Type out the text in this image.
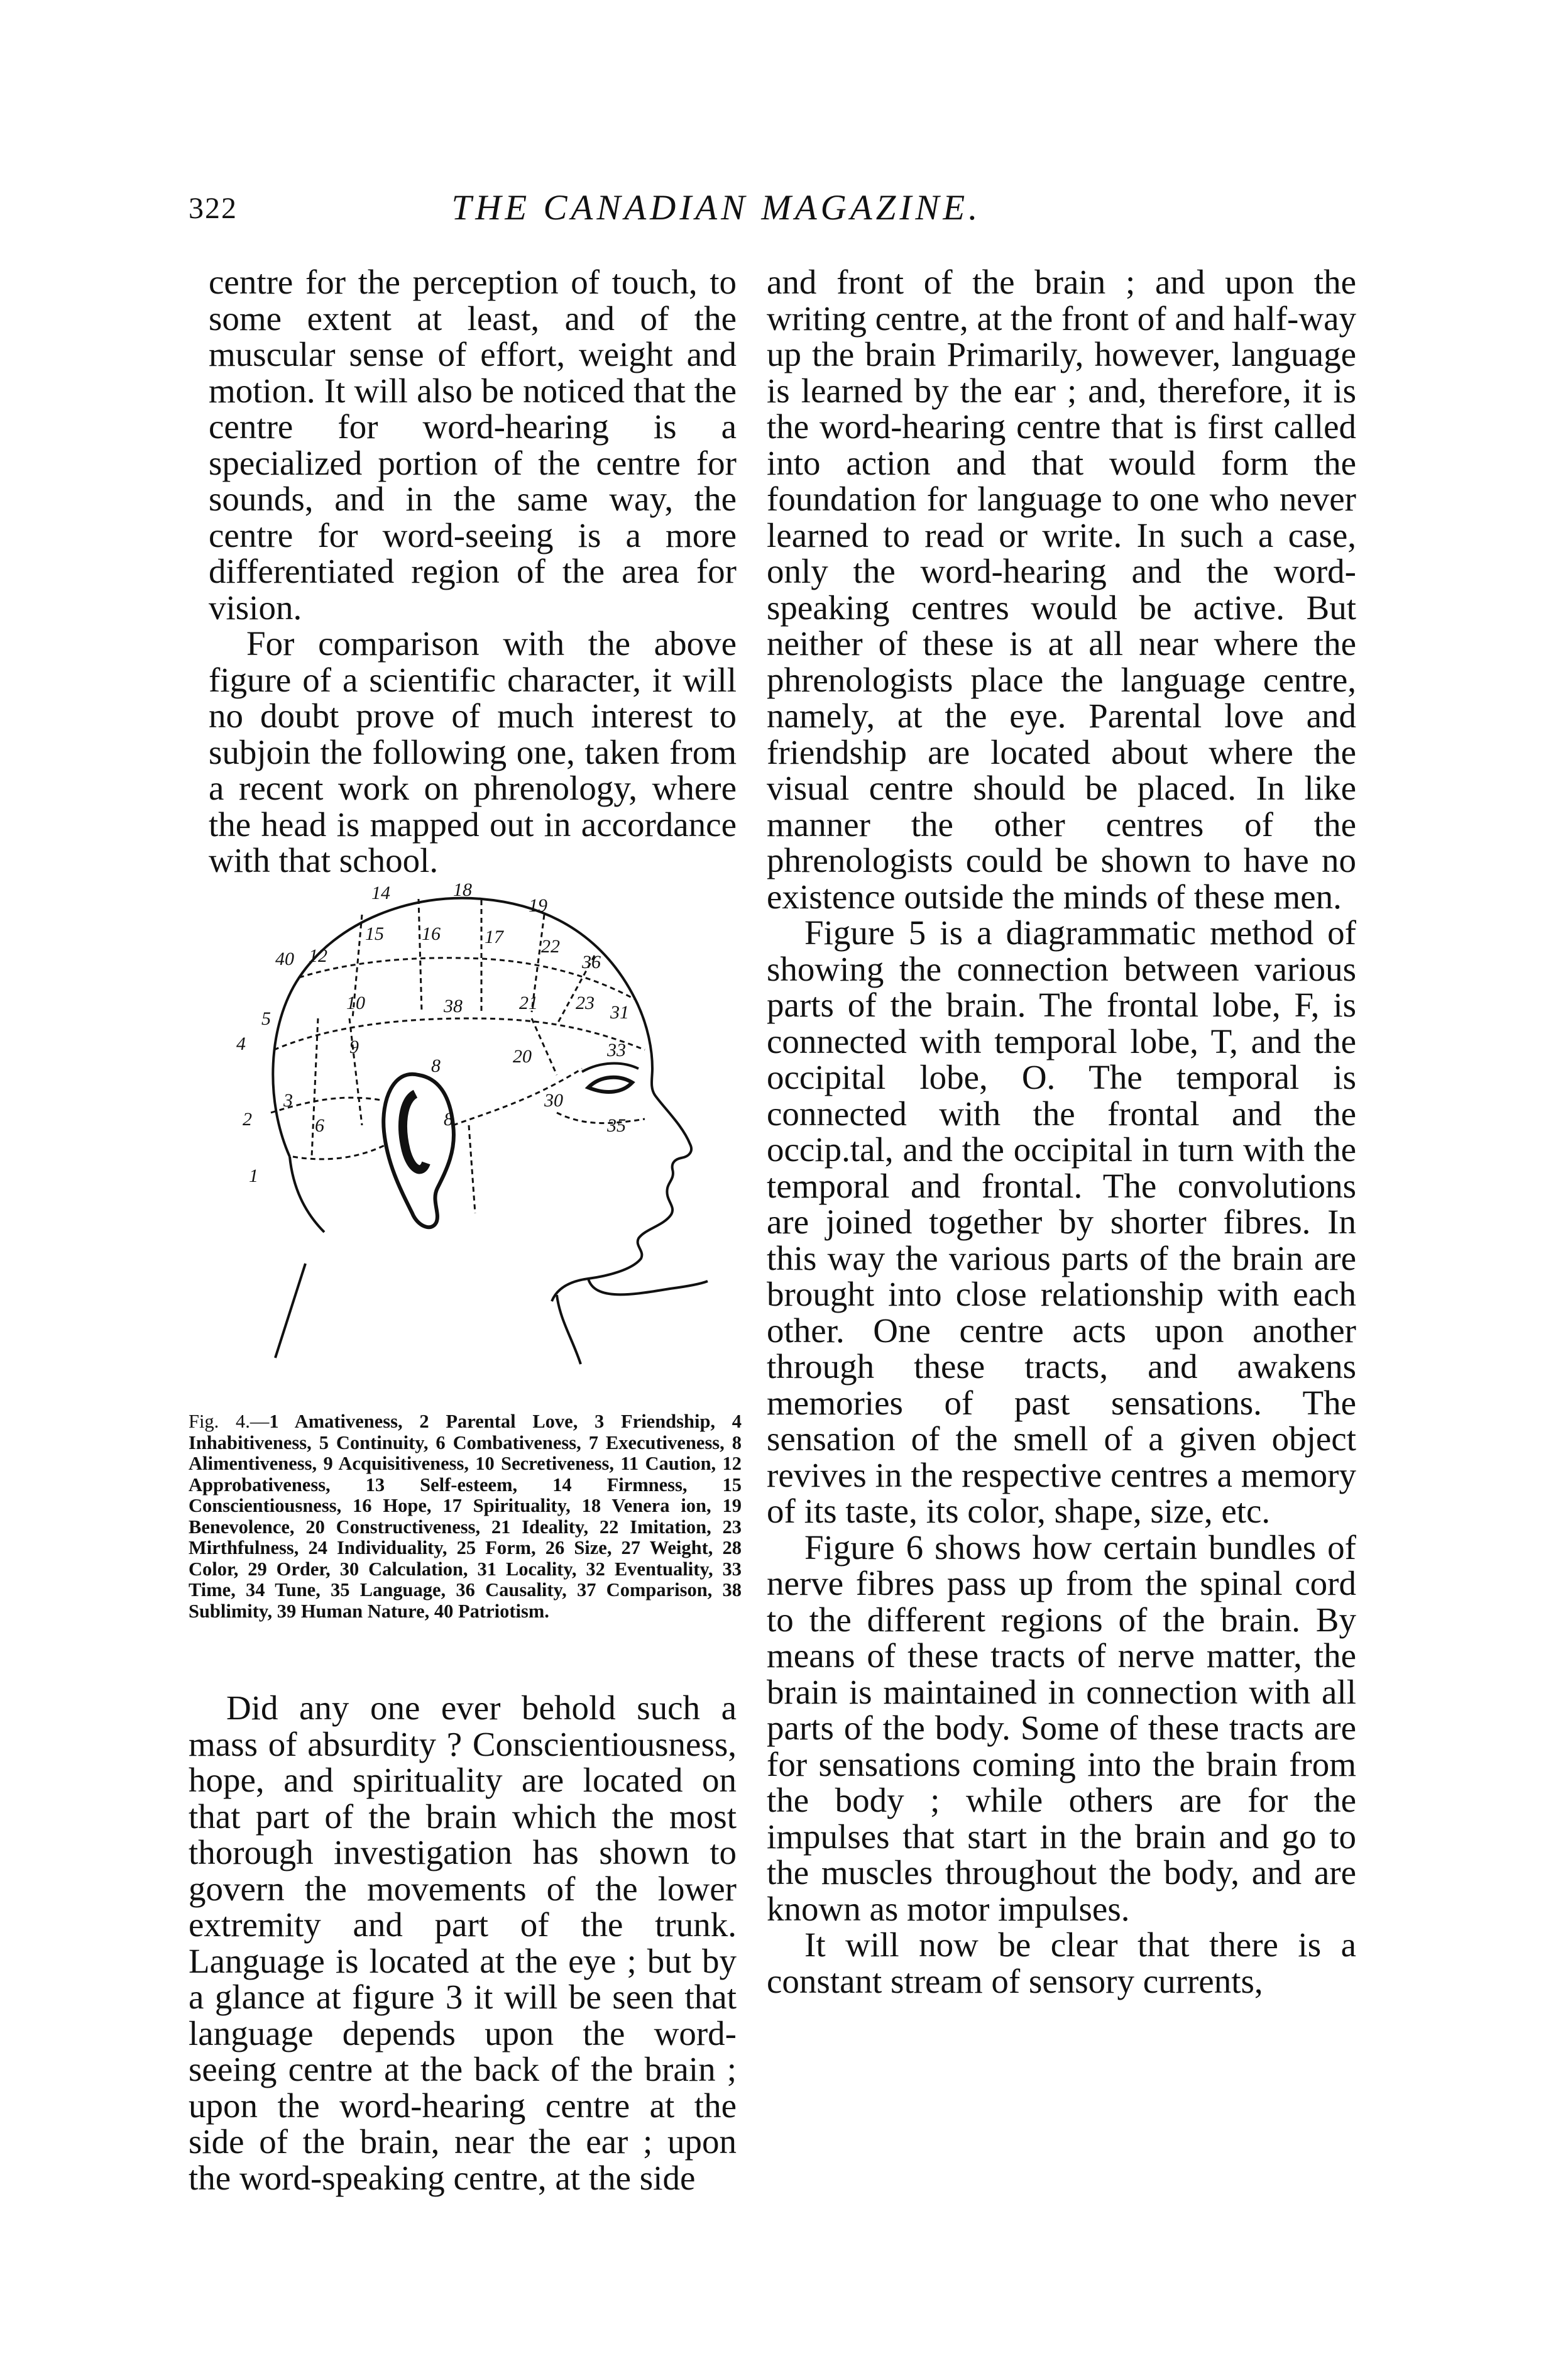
322	THE CANADIAN MAGAZINE.

centre for the perception of touch, to some extent at least, and of the muscular sense of effort, weight and motion. It will also be noticed that the centre for word-hearing is a specialized portion of the centre for sounds, and in the same way, the centre for word-seeing is a more differentiated region of the area for vision.

For comparison with the above figure of a scientific character, it will no doubt prove of much interest to subjoin the following one, taken from a recent work on phrenology, where the head is mapped out in accordance with that school.

14	18
19
15 16 17 22
12
40	36
10	38	21 23 31
5
4	9
8	20	33
3
2	6	8
30
35
1
Fig. 4.—1 Amativeness, 2 Parental Love, 3 Friendship, 4 Inhabitiveness, 5 Continuity, 6 Combativeness, 7 Executiveness, 8 Alimentiveness, 9 Acquisitiveness, 10 Secretiveness, 11 Caution, 12 Approbativeness, 13 Self-esteem, 14 Firmness, 15 Conscientiousness, 16 Hope, 17 Spirituality, 18 Venera ion, 19 Benevolence, 20 Constructiveness, 21 Ideality, 22 Imitation, 23 Mirthfulness, 24 Individuality, 25 Form, 26 Size, 27 Weight, 28 Color, 29 Order, 30 Calculation, 31 Locality, 32 Eventuality, 33 Time, 34 Tune, 35 Language, 36 Causality, 37 Comparison, 38 Sublimity, 39 Human Nature, 40 Patriotism.

Did any one ever behold such a mass of absurdity ? Conscientiousness, hope, and spirituality are located on that part of the brain which the most thorough investigation has shown to govern the movements of the lower extremity and part of the trunk. Language is located at the eye ; but by a glance at figure 3 it will be seen that language depends upon the word-seeing centre at the back of the brain ; upon the word-hearing centre at the side of the brain, near the ear ; upon the word-speaking centre, at the side

and front of the brain ; and upon the writing centre, at the front of and half-way up the brain Primarily, however, language is learned by the ear ; and, therefore, it is the word-hearing centre that is first called into action and that would form the foundation for language to one who never learned to read or write. In such a case, only the word-hearing and the word-speaking centres would be active. But neither of these is at all near where the phrenologists place the language centre, namely, at the eye. Parental love and friendship are located about where the visual centre should be placed. In like manner the other centres of the phrenologists could be shown to have no existence outside the minds of these men.

Figure 5 is a diagrammatic method of showing the connection between various parts of the brain. The frontal lobe, F, is connected with temporal lobe, T, and the occipital lobe, O. The temporal is connected with the frontal and the occip.tal, and the occipital in turn with the temporal and frontal. The convolutions are joined together by shorter fibres. In this way the various parts of the brain are brought into close relationship with each other. One centre acts upon another through these tracts, and awakens memories of past sensations. The sensation of the smell of a given object revives in the respective centres a memory of its taste, its color, shape, size, etc.

Figure 6 shows how certain bundles of nerve fibres pass up from the spinal cord to the different regions of the brain. By means of these tracts of nerve matter, the brain is maintained in connection with all parts of the body. Some of these tracts are for sensations coming into the brain from the body ; while others are for the impulses that start in the brain and go to the muscles throughout the body, and are known as motor impulses.

It will now be clear that there is a constant stream of sensory currents,
